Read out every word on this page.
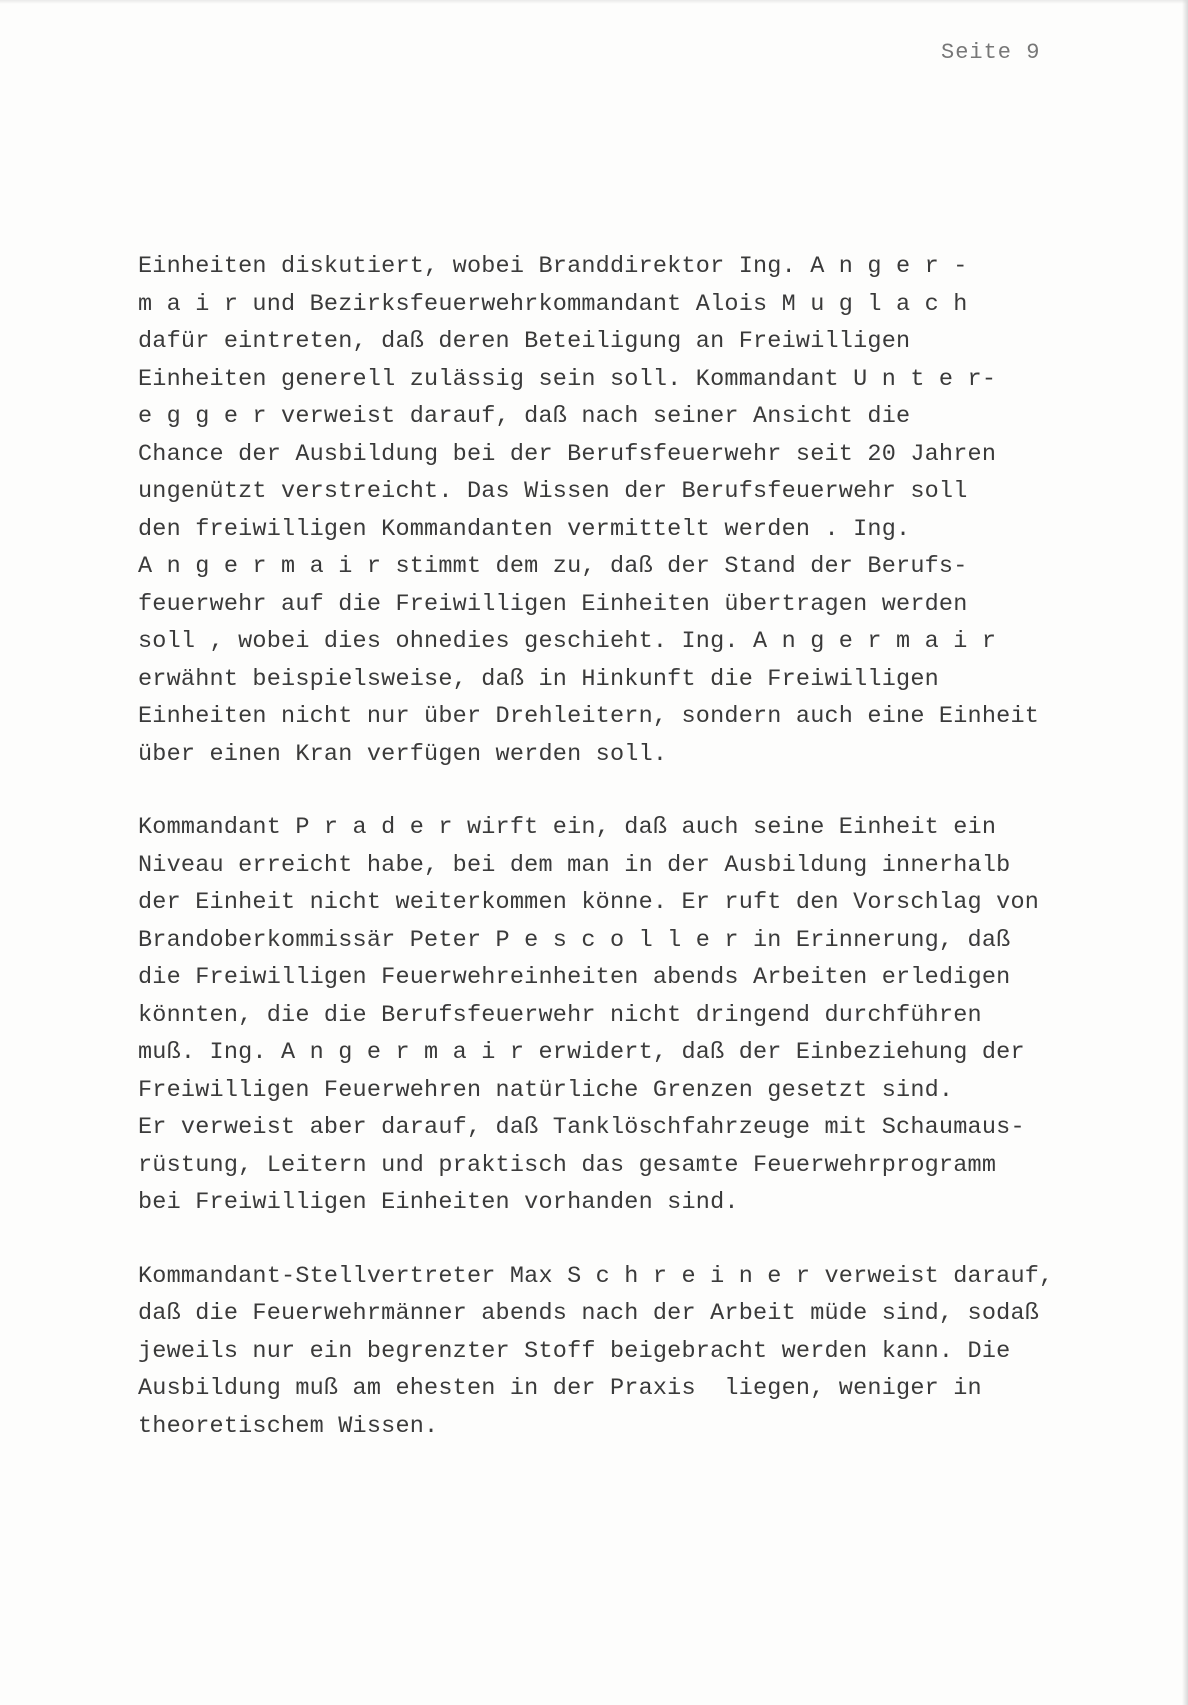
Seite 9
Einheiten diskutiert, wobei Branddirektor Ing. A n g e r -
m a i r und Bezirksfeuerwehrkommandant Alois M u g l a c h
dafür eintreten, daß deren Beteiligung an Freiwilligen
Einheiten generell zulässig sein soll. Kommandant U n t e r-
e g g e r verweist darauf, daß nach seiner Ansicht die
Chance der Ausbildung bei der Berufsfeuerwehr seit 20 Jahren
ungenützt verstreicht. Das Wissen der Berufsfeuerwehr soll
den freiwilligen Kommandanten vermittelt werden . Ing.
A n g e r m a i r stimmt dem zu, daß der Stand der Berufs-
feuerwehr auf die Freiwilligen Einheiten übertragen werden
soll , wobei dies ohnedies geschieht. Ing. A n g e r m a i r
erwähnt beispielsweise, daß in Hinkunft die Freiwilligen
Einheiten nicht nur über Drehleitern, sondern auch eine Einheit
über einen Kran verfügen werden soll.
Kommandant P r a d e r wirft ein, daß auch seine Einheit ein
Niveau erreicht habe, bei dem man in der Ausbildung innerhalb
der Einheit nicht weiterkommen könne. Er ruft den Vorschlag von
Brandoberkommissär Peter P e s c o l l e r in Erinnerung, daß
die Freiwilligen Feuerwehreinheiten abends Arbeiten erledigen
könnten, die die Berufsfeuerwehr nicht dringend durchführen
muß. Ing. A n g e r m a i r erwidert, daß der Einbeziehung der
Freiwilligen Feuerwehren natürliche Grenzen gesetzt sind.
Er verweist aber darauf, daß Tanklöschfahrzeuge mit Schaumaus-
rüstung, Leitern und praktisch das gesamte Feuerwehrprogramm
bei Freiwilligen Einheiten vorhanden sind.
Kommandant-Stellvertreter Max S c h r e i n e r verweist darauf,
daß die Feuerwehrmänner abends nach der Arbeit müde sind, sodaß
jeweils nur ein begrenzter Stoff beigebracht werden kann. Die
Ausbildung muß am ehesten in der Praxis  liegen, weniger in
theoretischem Wissen.
